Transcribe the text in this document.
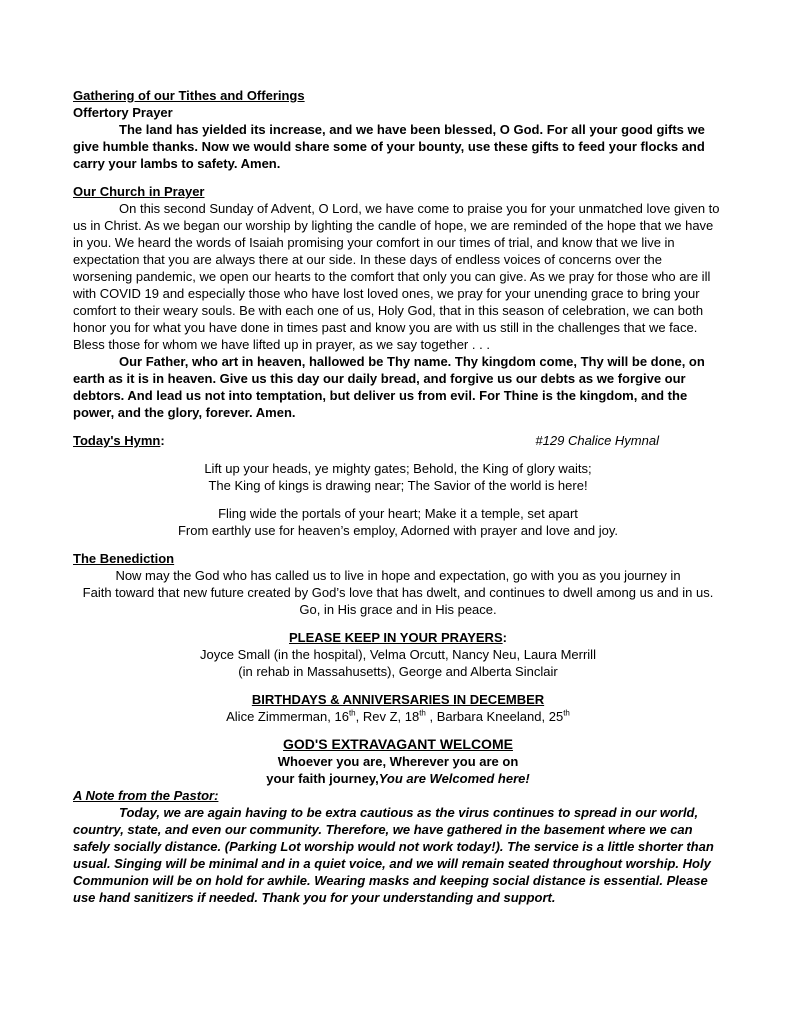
Gathering of our Tithes and Offerings

Offertory Prayer

The land has yielded its increase, and we have been blessed, O God. For all your good gifts we give humble thanks. Now we would share some of your bounty, use these gifts to feed your flocks and carry your lambs to safety. Amen.

Our Church in Prayer

On this second Sunday of Advent, O Lord, we have come to praise you for your unmatched love given to us in Christ. As we began our worship by lighting the candle of hope, we are reminded of the hope that we have in you. We heard the words of Isaiah promising your comfort in our times of trial, and know that we live in expectation that you are always there at our side. In these days of endless voices of concerns over the worsening pandemic, we open our hearts to the comfort that only you can give. As we pray for those who are ill with COVID 19 and especially those who have lost loved ones, we pray for your unending grace to bring your comfort to their weary souls. Be with each one of us, Holy God, that in this season of celebration, we can both honor you for what you have done in times past and know you are with us still in the challenges that we face. Bless those for whom we have lifted up in prayer, as we say together . . .

Our Father, who art in heaven, hallowed be Thy name. Thy kingdom come, Thy will be done, on earth as it is in heaven. Give us this day our daily bread, and forgive us our debts as we forgive our debtors. And lead us not into temptation, but deliver us from evil. For Thine is the kingdom, and the power, and the glory, forever. Amen.

Today's Hymn:	#129 Chalice Hymnal

Lift up your heads, ye mighty gates; Behold, the King of glory waits;

The King of kings is drawing near; The Savior of the world is here!

Fling wide the portals of your heart; Make it a temple, set apart

From earthly use for heaven’s employ, Adorned with prayer and love and joy.

The Benediction

Now may the God who has called us to live in hope and expectation, go with you as you journey in

Faith toward that new future created by God’s love that has dwelt, and continues to dwell among us and in us.

Go, in His grace and in His peace.

PLEASE KEEP IN YOUR PRAYERS:

Joyce Small (in the hospital), Velma Orcutt, Nancy Neu, Laura Merrill

(in rehab in Massahusetts), George and Alberta Sinclair

BIRTHDAYS & ANNIVERSARIES IN DECEMBER

Alice Zimmerman, 16th, Rev Z, 18th , Barbara Kneeland, 25th

GOD'S EXTRAVAGANT WELCOME

Whoever you are, Wherever you are on

your faith journey,You are Welcomed here!

A Note from the Pastor:

Today, we are again having to be extra cautious as the virus continues to spread in our world, country, state, and even our community. Therefore, we have gathered in the basement where we can safely socially distance. (Parking Lot worship would not work today!). The service is a little shorter than usual. Singing will be minimal and in a quiet voice, and we will remain seated throughout worship. Holy Communion will be on hold for awhile. Wearing masks and keeping social distance is essential. Please use hand sanitizers if needed. Thank you for your understanding and support.
